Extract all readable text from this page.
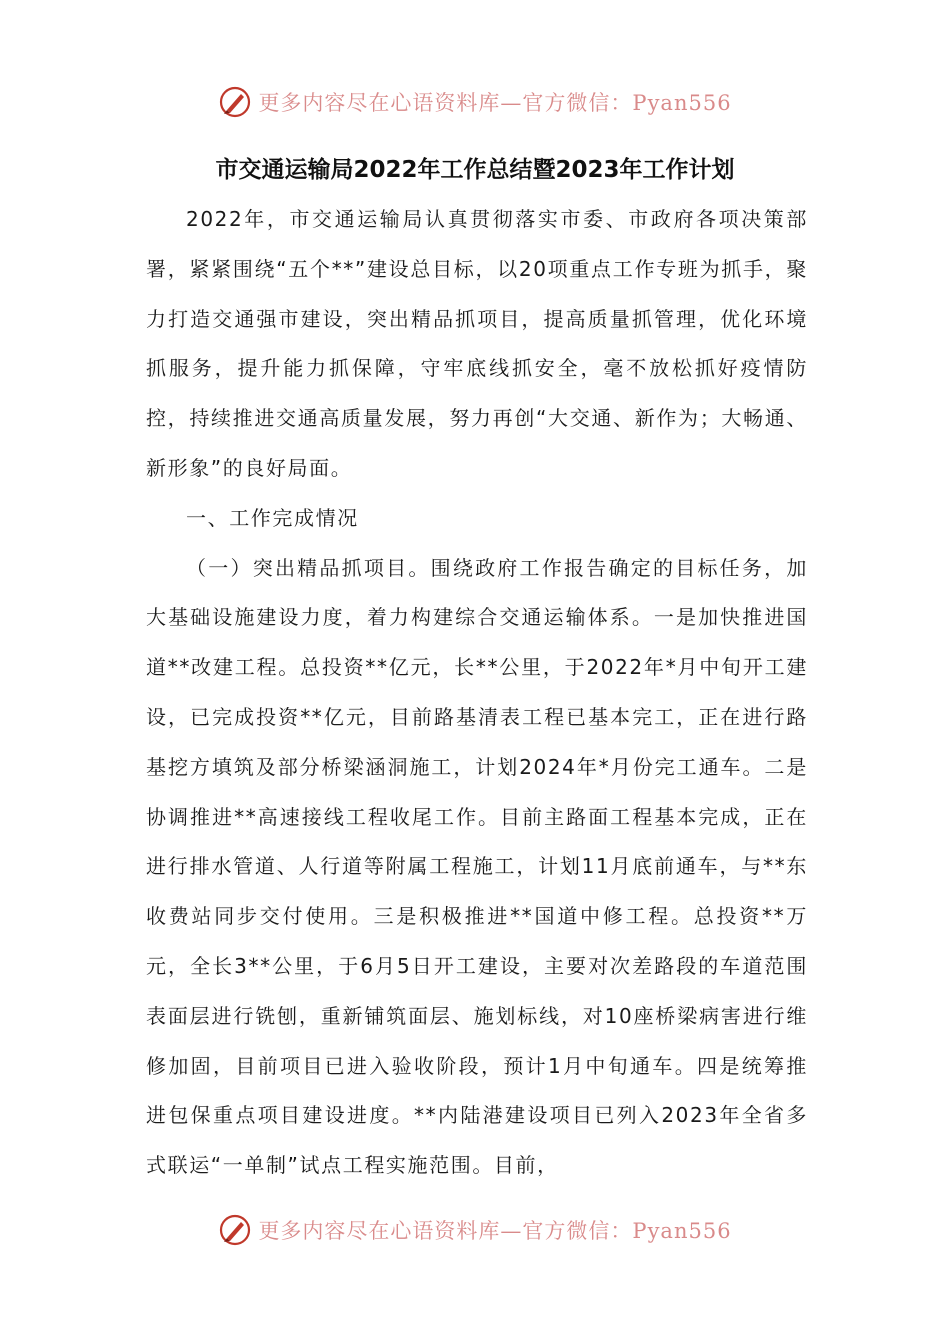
更多内容尽在心语资料库—官方微信：Pyan556
市交通运输局2022年工作总结暨2023年工作计划

2022年，市交通运输局认真贯彻落实市委、市政府各项决策部署，紧紧围绕“五个**”建设总目标，以20项重点工作专班为抓手，聚力打造交通强市建设，突出精品抓项目，提高质量抓管理，优化环境抓服务，提升能力抓保障，守牢底线抓安全，毫不放松抓好疫情防控，持续推进交通高质量发展，努力再创“大交通、新作为；大畅通、新形象”的良好局面。

一、工作完成情况

（一）突出精品抓项目。围绕政府工作报告确定的目标任务，加大基础设施建设力度，着力构建综合交通运输体系。一是加快推进国道**改建工程。总投资**亿元，长**公里，于2022年*月中旬开工建设，已完成投资**亿元，目前路基清表工程已基本完工，正在进行路基挖方填筑及部分桥梁涵洞施工，计划2024年*月份完工通车。二是协调推进**高速接线工程收尾工作。目前主路面工程基本完成，正在进行排水管道、人行道等附属工程施工，计划11月底前通车，与**东收费站同步交付使用。三是积极推进**国道中修工程。总投资**万元，全长3**公里，于6月5日开工建设，主要对次差路段的车道范围表面层进行铣刨，重新铺筑面层、施划标线，对10座桥梁病害进行维修加固，目前项目已进入验收阶段，预计1月中旬通车。四是统筹推进包保重点项目建设进度。**内陆港建设项目已列入2023年全省多式联运“一单制”试点工程实施范围。目前，

更多内容尽在心语资料库—官方微信：Pyan556
